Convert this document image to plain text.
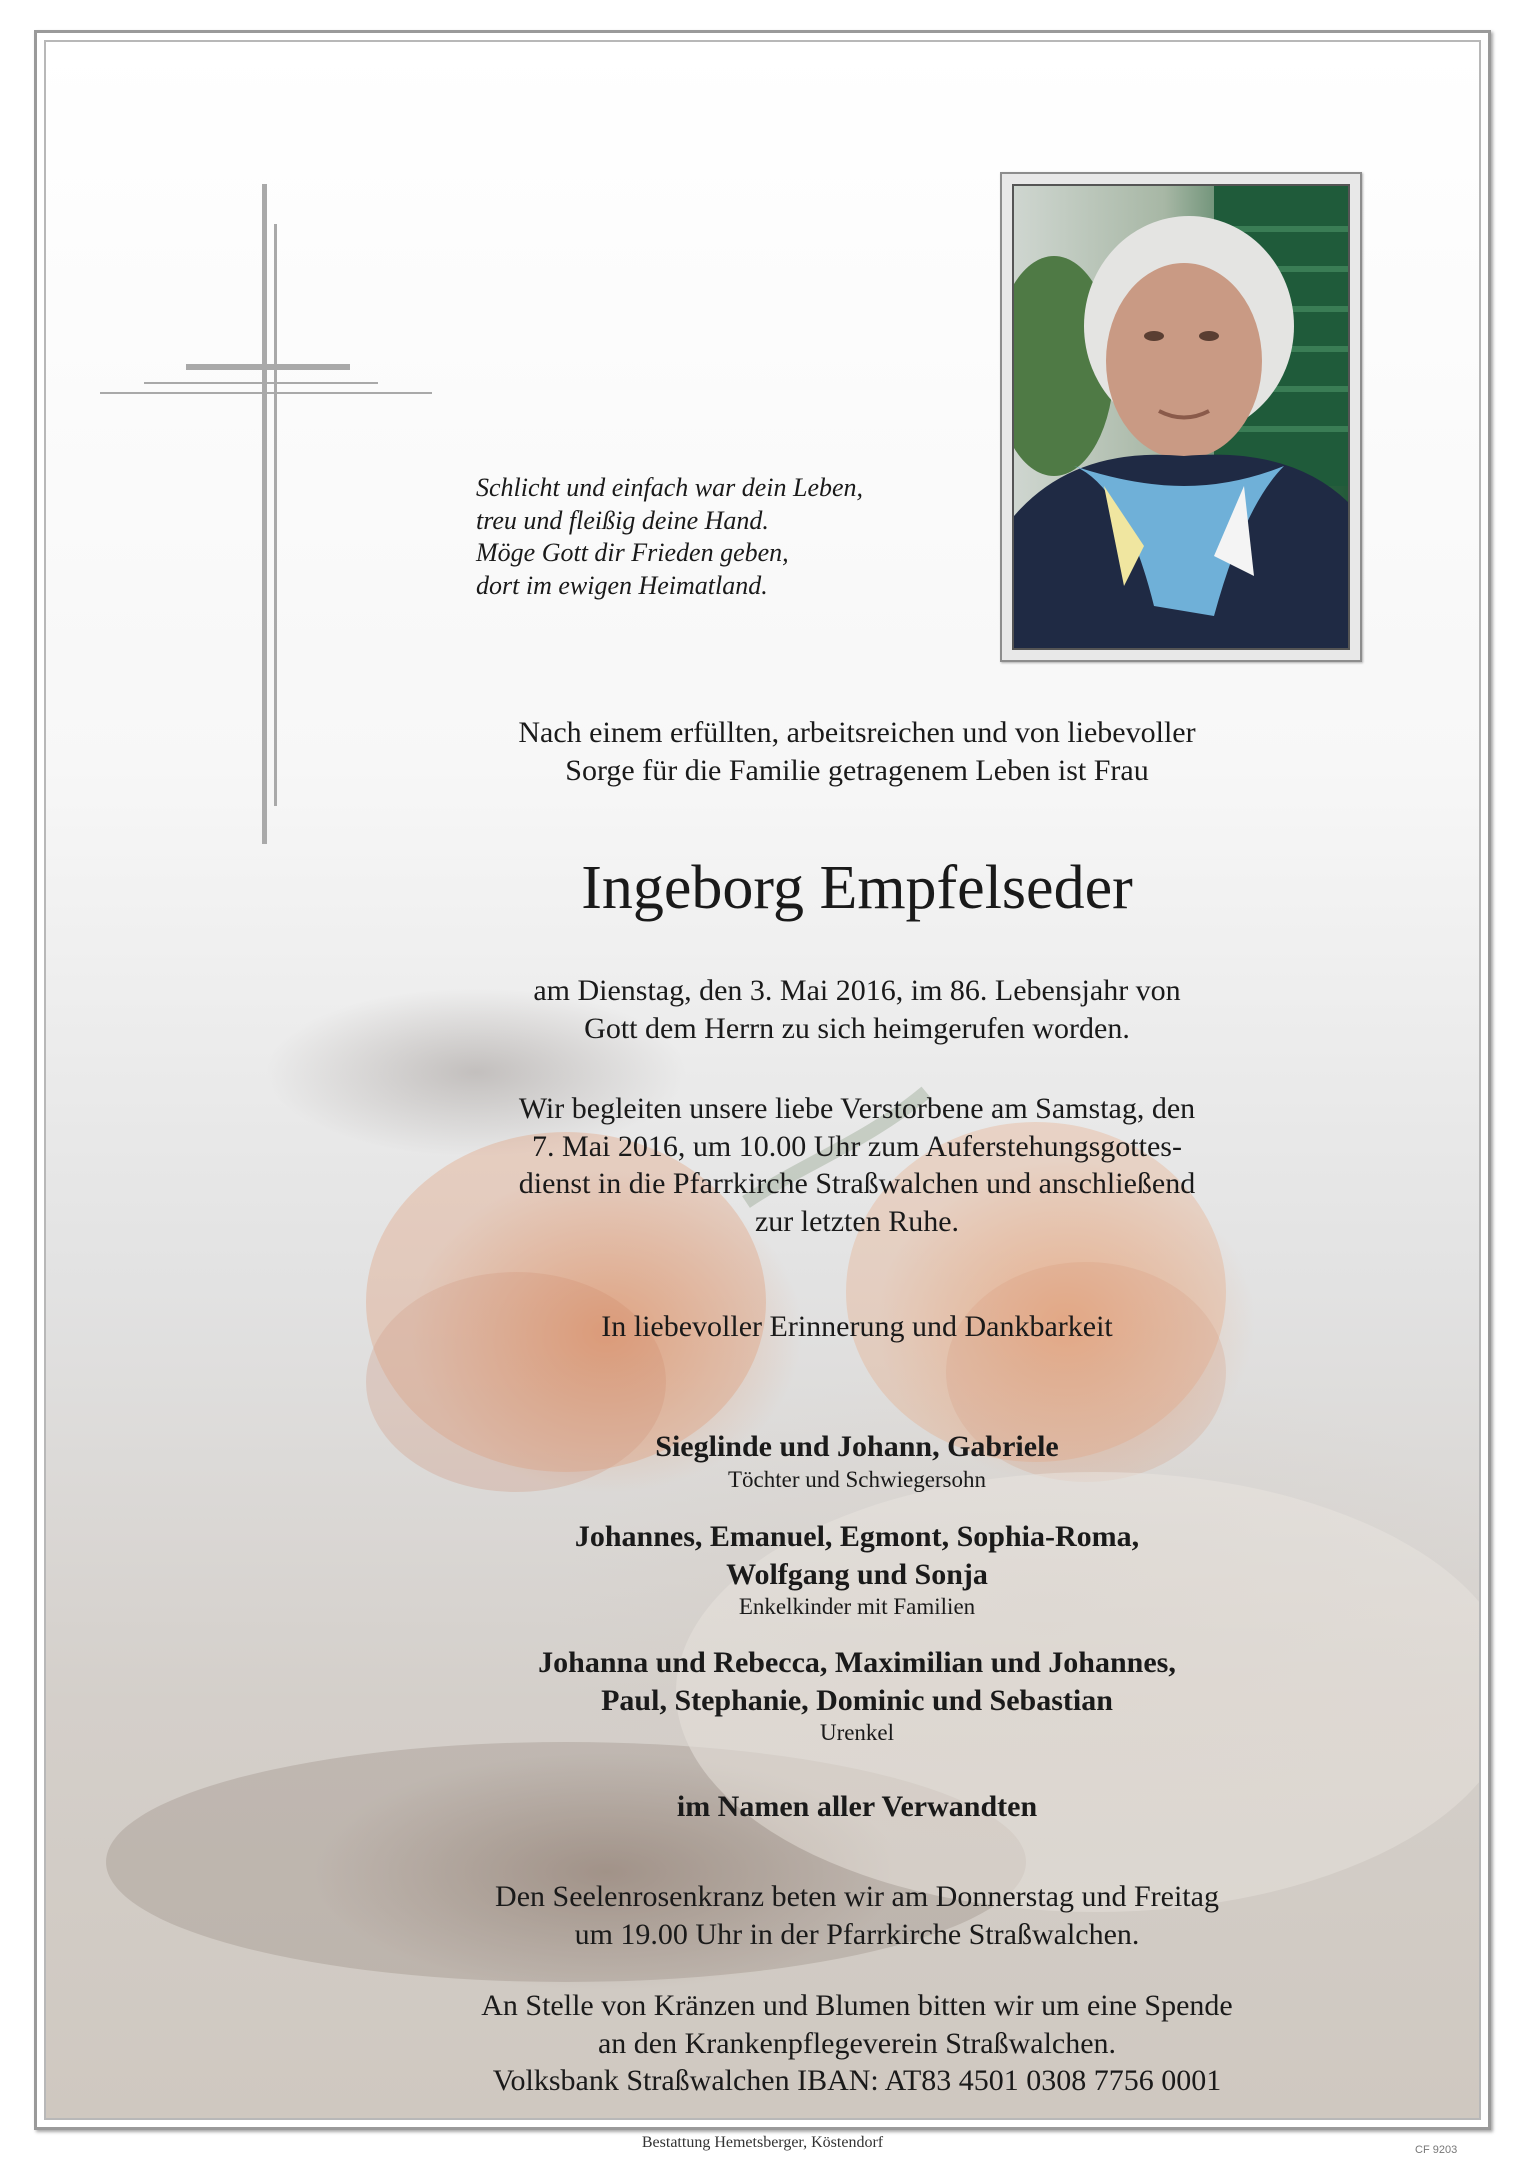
Schlicht und einfach war dein Leben,
treu und fleißig deine Hand.
Möge Gott dir Frieden geben,
dort im ewigen Heimatland.
Nach einem erfüllten, arbeitsreichen und von liebevoller
Sorge für die Familie getragenem Leben ist Frau
Ingeborg Empfelseder
am Dienstag, den 3. Mai 2016, im 86. Lebensjahr von
Gott dem Herrn zu sich heimgerufen worden.
Wir begleiten unsere liebe Verstorbene am Samstag, den
7. Mai 2016, um 10.00 Uhr zum Auferstehungsgottes-
dienst in die Pfarrkirche Straßwalchen und anschließend
zur letzten Ruhe.
In liebevoller Erinnerung und Dankbarkeit
Sieglinde und Johann, Gabriele
Töchter und Schwiegersohn
Johannes, Emanuel, Egmont, Sophia-Roma,
Wolfgang und Sonja
Enkelkinder mit Familien
Johanna und Rebecca, Maximilian und Johannes,
Paul, Stephanie, Dominic und Sebastian
Urenkel
im Namen aller Verwandten
Den Seelenrosenkranz beten wir am Donnerstag und Freitag
um 19.00 Uhr in der Pfarrkirche Straßwalchen.
An Stelle von Kränzen und Blumen bitten wir um eine Spende
an den Krankenpflegeverein Straßwalchen.
Volksbank Straßwalchen IBAN: AT83 4501 0308 7756 0001
Bestattung Hemetsberger, Köstendorf	CF 9203
